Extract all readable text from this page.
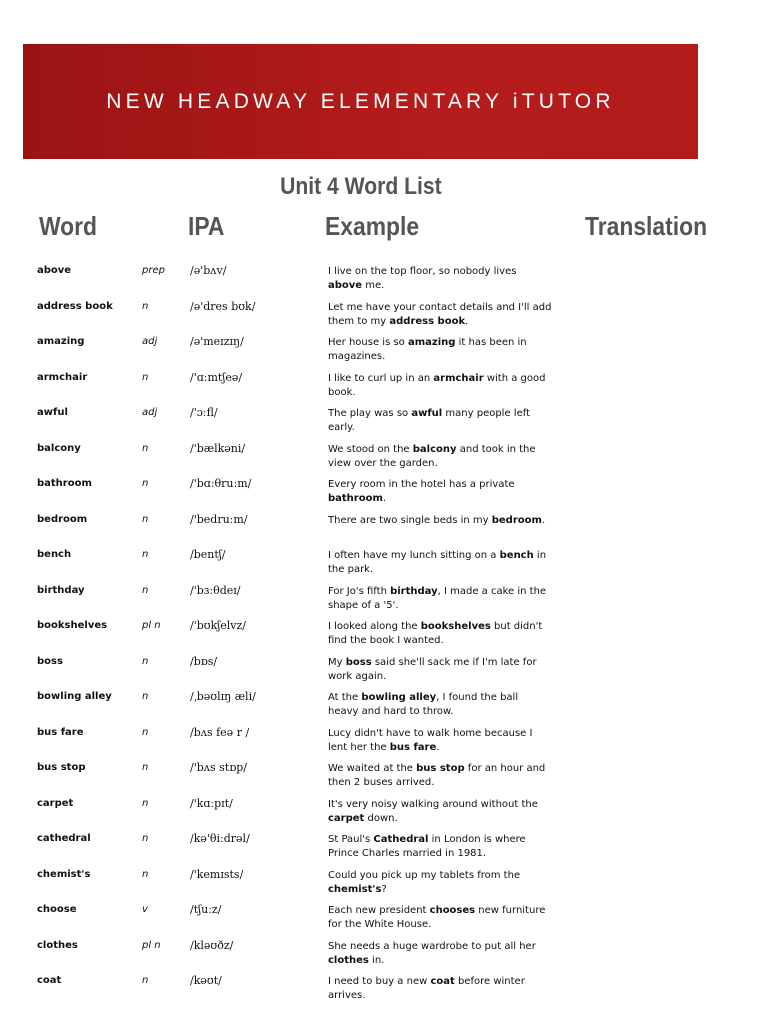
NEW HEADWAY ELEMENTARY iTUTOR
Unit 4 Word List
Word	IPA	Example	Translation
above	prep /ə'bʌv/	I live on the top floor, so nobody lives
above me.
address book	n	/ə'dres bʊk/	Let me have your contact details and I'll add
them to my address book.
amazing	adj	/ə'meɪzɪŋ/	Her house is so amazing it has been in
magazines.
armchair	n	/'ɑːmtʃeə/	I like to curl up in an armchair with a good
book.
awful	adj	/'ɔːfl/	The play was so awful many people left
early.
balcony	n	/'bælkəni/	We stood on the balcony and took in the
view over the garden.
bathroom	n	/'bɑːθruːm/	Every room in the hotel has a private
bathroom.
bedroom	n	/'bedruːm/	There are two single beds in my bedroom.
bench	n	/bentʃ/	I often have my lunch sitting on a bench in
the park.
birthday	n	/'bɜːθdeɪ/	For Jo's fifth birthday, I made a cake in the
shape of a '5'.
bookshelves	pl n	/'bʊkʃelvz/	I looked along the bookshelves but didn't
find the book I wanted.
boss	n	/bɒs/	My boss said she'll sack me if I'm late for
work again.
bowling alley	n	/ˌbəʊlɪŋ æli/	At the bowling alley, I found the ball
heavy and hard to throw.
bus fare	n	/bʌs feə r /	Lucy didn't have to walk home because I
lent her the bus fare.
bus stop	n	/'bʌs stɒp/	We waited at the bus stop for an hour and
then 2 buses arrived.
carpet	n	/'kɑːpɪt/	It's very noisy walking around without the
carpet down.
cathedral	n	/kə'θiːdrəl/	St Paul's Cathedral in London is where
Prince Charles married in 1981.
chemist's	n	/'kemɪsts/	Could you pick up my tablets from the
chemist's?
choose	v	/tʃuːz/	Each new president chooses new furniture
for the White House.
clothes	pl n	/kləʊðz/	She needs a huge wardrobe to put all her
clothes in.
coat	n	/kəʊt/	I need to buy a new coat before winter
arrives.
